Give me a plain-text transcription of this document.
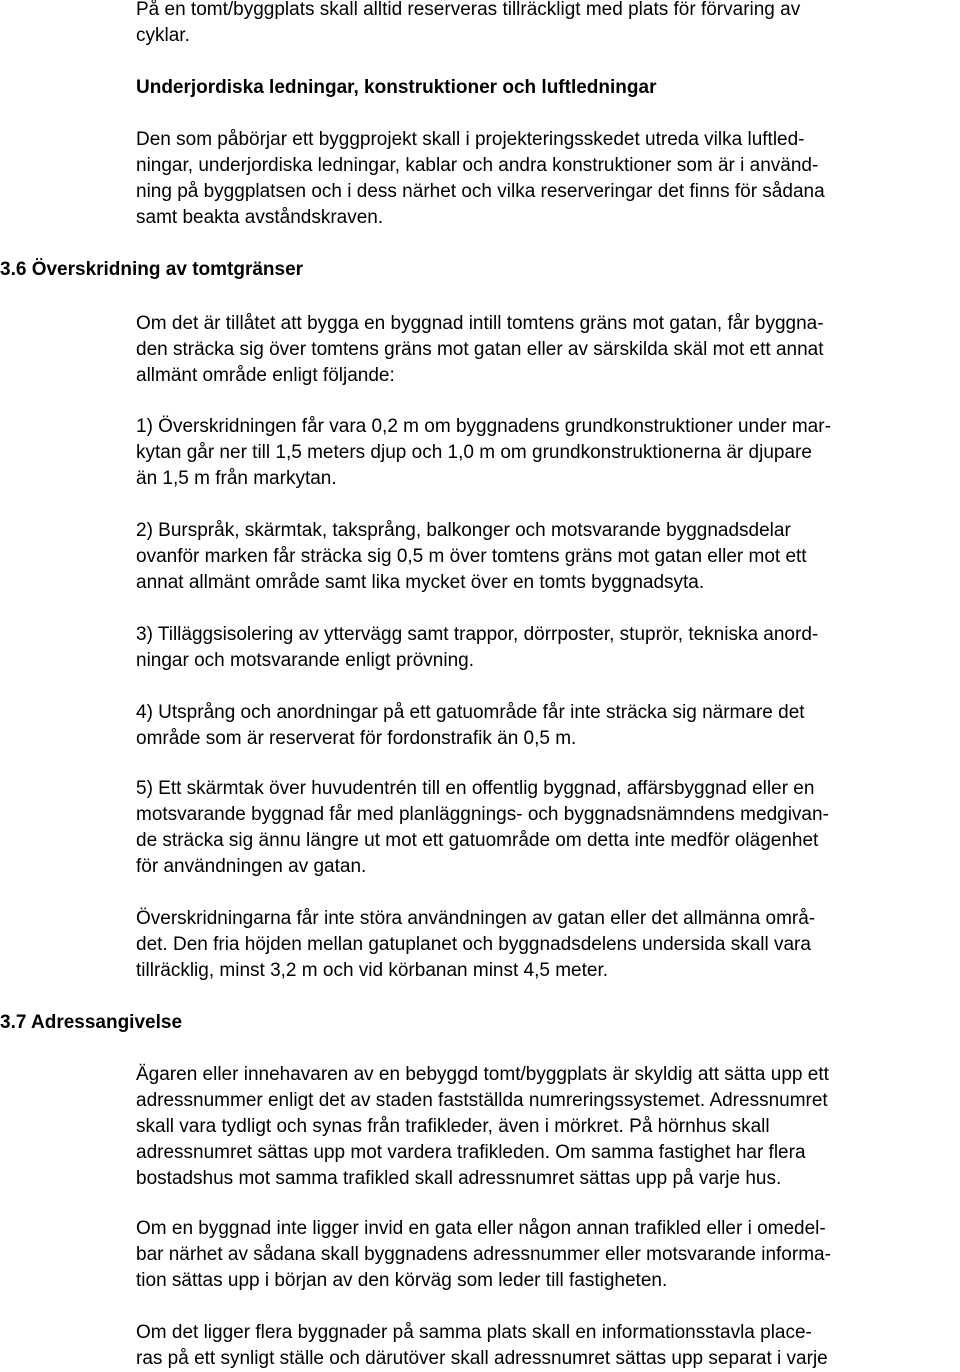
På en tomt/byggplats skall alltid reserveras tillräckligt med plats för förvaring av

cyklar.

Underjordiska ledningar, konstruktioner och luftledningar

Den som påbörjar ett byggprojekt skall i projekteringsskedet utreda vilka luftled-

ningar, underjordiska ledningar, kablar och andra konstruktioner som är i använd-

ning på byggplatsen och i dess närhet och vilka reserveringar det finns för sådana

samt beakta avståndskraven.

3.6 Överskridning av tomtgränser

Om det är tillåtet att bygga en byggnad intill tomtens gräns mot gatan, får byggna-

den sträcka sig över tomtens gräns mot gatan eller av särskilda skäl mot ett annat

allmänt område enligt följande:

1) Överskridningen får vara 0,2 m om byggnadens grundkonstruktioner under mar-

kytan går ner till 1,5 meters djup och 1,0 m om grundkonstruktionerna är djupare

än 1,5 m från markytan.

2) Burspråk, skärmtak, taksprång, balkonger och motsvarande byggnadsdelar

ovanför marken får sträcka sig 0,5 m över tomtens gräns mot gatan eller mot ett

annat allmänt område samt lika mycket över en tomts byggnadsyta.

3) Tilläggsisolering av yttervägg samt trappor, dörrposter, stuprör, tekniska anord-

ningar och motsvarande enligt prövning.

4) Utsprång och anordningar på ett gatuområde får inte sträcka sig närmare det

område som är reserverat för fordonstrafik än 0,5 m.

5) Ett skärmtak över huvudentrén till en offentlig byggnad, affärsbyggnad eller en

motsvarande byggnad får med planläggnings- och byggnadsnämndens medgivan-

de sträcka sig ännu längre ut mot ett gatuområde om detta inte medför olägenhet

för användningen av gatan.

Överskridningarna får inte störa användningen av gatan eller det allmänna områ-

det. Den fria höjden mellan gatuplanet och byggnadsdelens undersida skall vara

tillräcklig, minst 3,2 m och vid körbanan minst 4,5 meter.

3.7 Adressangivelse

Ägaren eller innehavaren av en bebyggd tomt/byggplats är skyldig att sätta upp ett

adressnummer enligt det av staden fastställda numreringssystemet. Adressnumret

skall vara tydligt och synas från trafikleder, även i mörkret. På hörnhus skall

adressnumret sättas upp mot vardera trafikleden. Om samma fastighet har flera

bostadshus mot samma trafikled skall adressnumret sättas upp på varje hus.

Om en byggnad inte ligger invid en gata eller någon annan trafikled eller i omedel-

bar närhet av sådana skall byggnadens adressnummer eller motsvarande informa-

tion sättas upp i början av den körväg som leder till fastigheten.

Om det ligger flera byggnader på samma plats skall en informationsstavla place-

ras på ett synligt ställe och därutöver skall adressnumret sättas upp separat i varje
